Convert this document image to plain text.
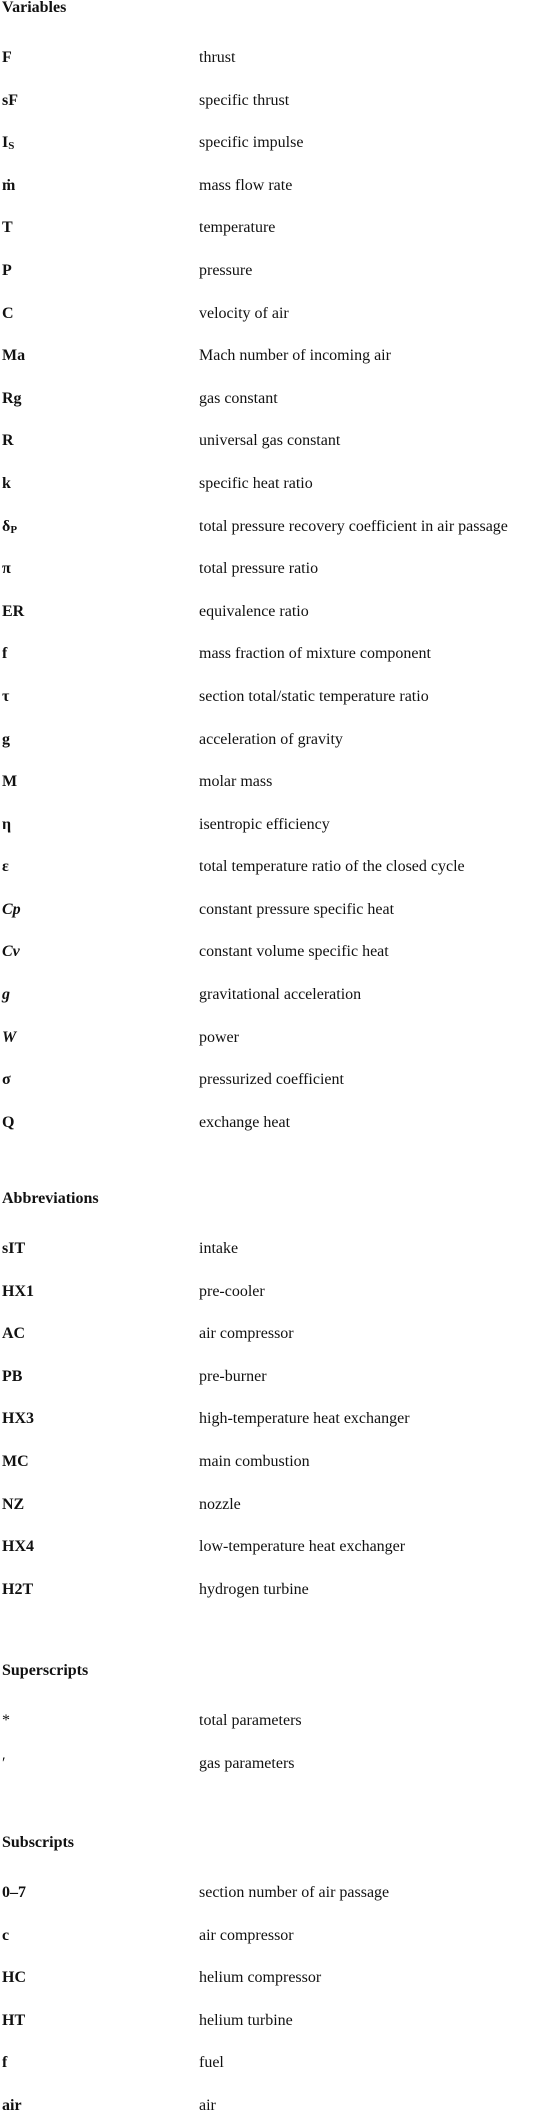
Variables
F	thrust
sF	specific thrust
$I_S$	specific impulse
ṁ	mass flow rate
T	temperature
P	pressure
C	velocity of air
Ma	Mach number of incoming air
Rg	gas constant
R	universal gas constant
k	specific heat ratio
$\delta_P$	total pressure recovery coefficient in air passage
π	total pressure ratio
ER	equivalence ratio
f	mass fraction of mixture component
τ	section total/static temperature ratio
g	acceleration of gravity
M	molar mass
η	isentropic efficiency
ε	total temperature ratio of the closed cycle
Cp	constant pressure specific heat
Cv	constant volume specific heat
g	gravitational acceleration
W	power
σ	pressurized coefficient
Q	exchange heat
Abbreviations
sIT	intake
HX1	pre-cooler
AC	air compressor
PB	pre-burner
HX3	high-temperature heat exchanger
MC	main combustion
NZ	nozzle
HX4	low-temperature heat exchanger
H2T	hydrogen turbine
Superscripts
*	total parameters
′	gas parameters
Subscripts
0–7	section number of air passage
c	air compressor
HC	helium compressor
HT	helium turbine
f	fuel
air	air
